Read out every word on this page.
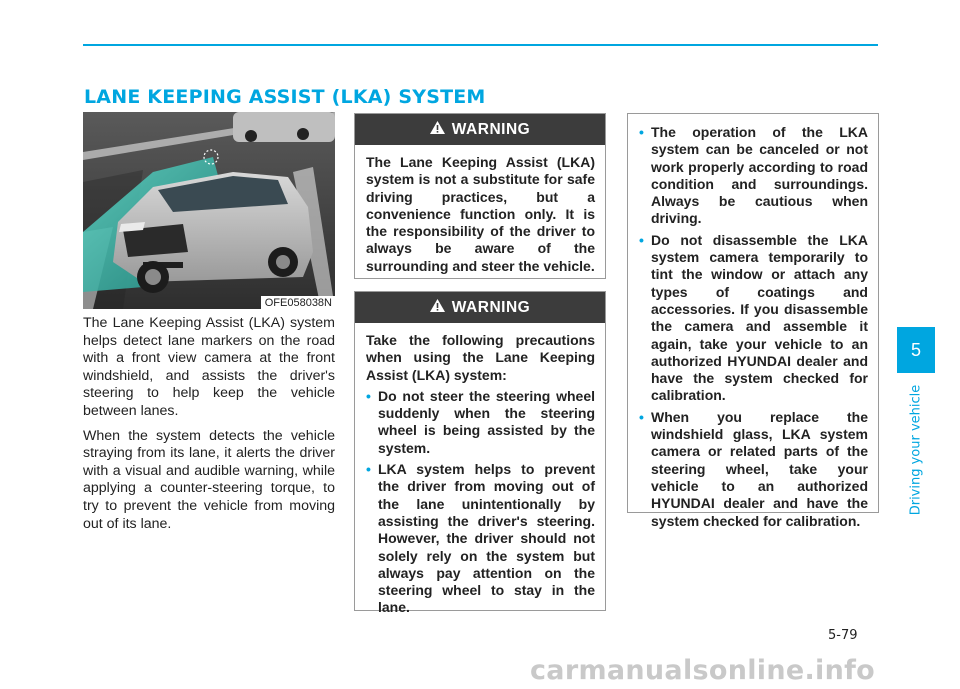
LANE KEEPING ASSIST (LKA) SYSTEM
OFE058038N

The Lane Keeping Assist (LKA) system helps detect lane markers on the road with a front view camera at the front windshield, and assists the driver's steering to help keep the vehicle between lanes.

When the system detects the vehicle straying from its lane, it alerts the driver with a visual and audible warning, while applying a counter-steering torque, to try to prevent the vehicle from moving out of its lane.

WARNING

The Lane Keeping Assist (LKA) system is not a substitute for safe driving practices, but a convenience function only. It is the responsibility of the driver to always be aware of the surrounding and steer the vehicle.

WARNING

Take the following precautions when using the Lane Keeping Assist (LKA) system:

• Do not steer the steering wheel suddenly when the steering wheel is being assisted by the system.
• LKA system helps to prevent the driver from moving out of the lane unintentionally by assisting the driver's steering. However, the driver should not solely rely on the system but always pay attention on the steering wheel to stay in the lane.
• The operation of the LKA system can be canceled or not work properly according to road condition and surroundings. Always be cautious when driving.
• Do not disassemble the LKA system camera temporarily to tint the window or attach any types of coatings and accessories. If you disassemble the camera and assemble it again, take your vehicle to an authorized HYUNDAI dealer and have the system checked for calibration.
• When you replace the windshield glass, LKA system camera or related parts of the steering wheel, take your vehicle to an authorized HYUNDAI dealer and have the system checked for calibration.
5
Driving your vehicle
5-79
carmanualsonline.info
